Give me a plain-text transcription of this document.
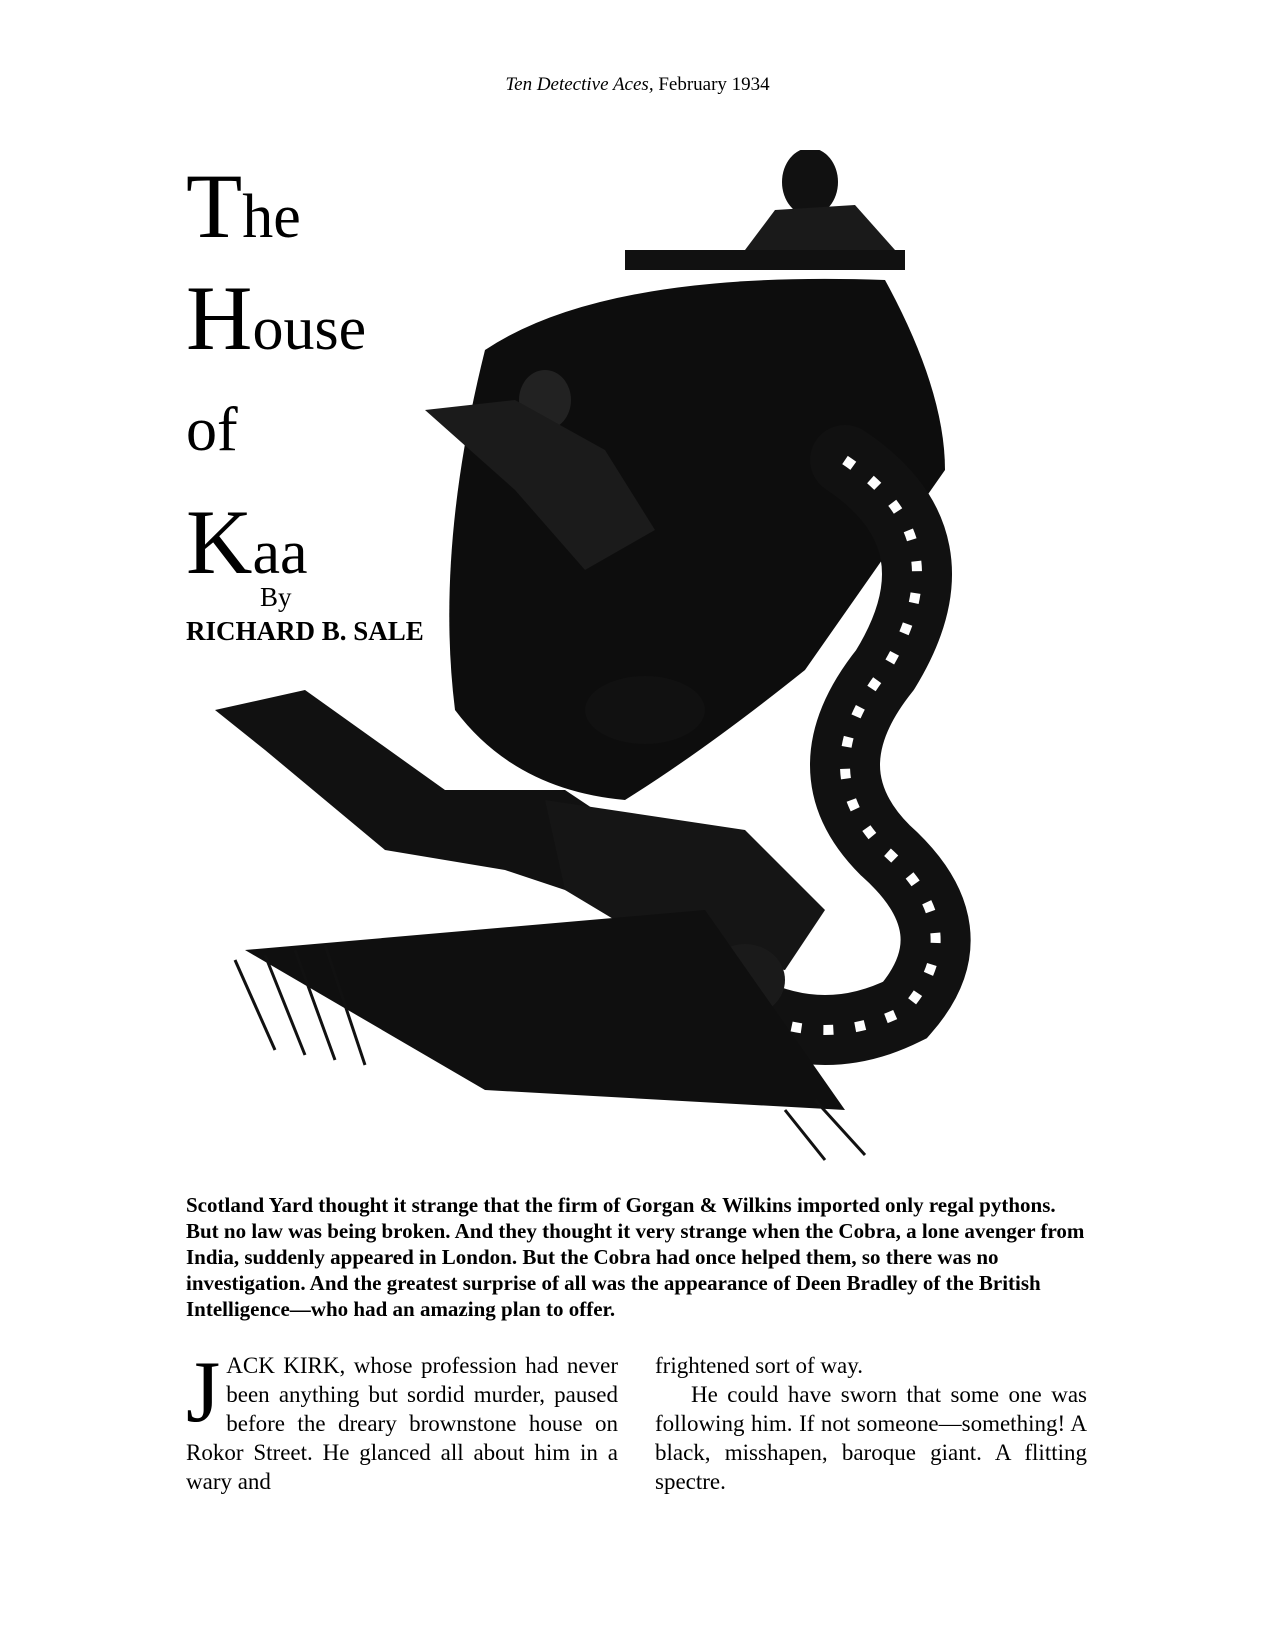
Ten Detective Aces, February 1934
The
House
of
Kaa
By
RICHARD B. SALE
Scotland Yard thought it strange that the firm of Gorgan & Wilkins imported only regal pythons. But no law was being broken. And they thought it very strange when the Cobra, a lone avenger from India, suddenly appeared in London. But the Cobra had once helped them, so there was no investigation. And the greatest surprise of all was the appearance of Deen Bradley of the British Intelligence—who had an amazing plan to offer.

JACK KIRK, whose profession had never been anything but sordid murder, paused before the dreary brownstone house on Rokor Street. He glanced all about him in a wary and

frightened sort of way.

He could have sworn that some one was following him. If not someone—something! A black, misshapen, baroque giant. A flitting spectre.
